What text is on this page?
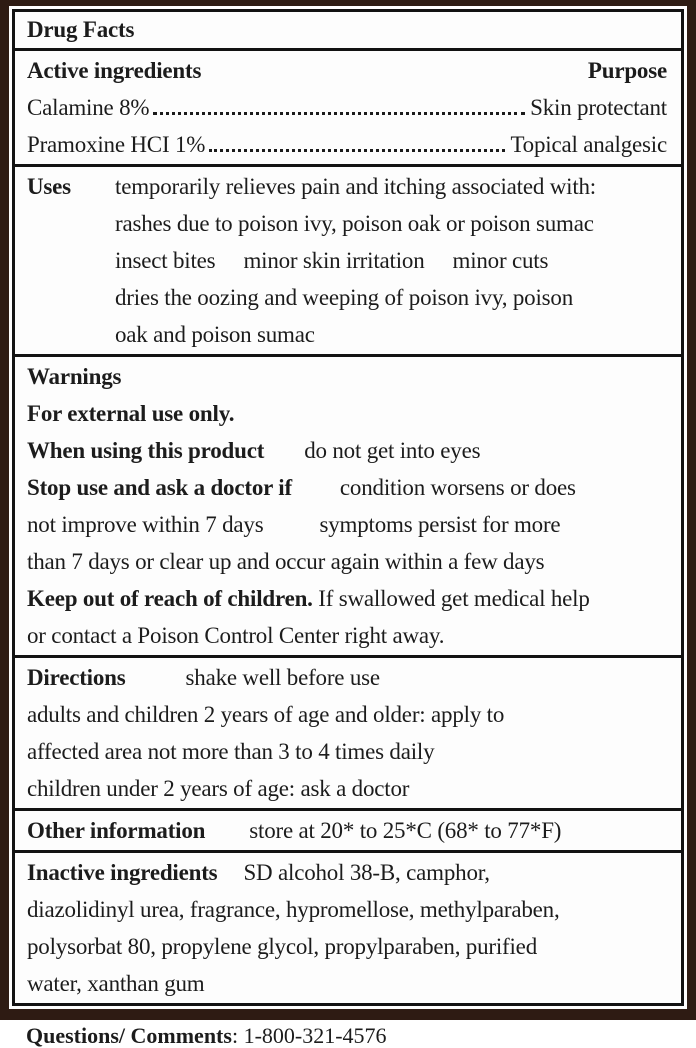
Drug Facts
Active ingredients	Purpose
Calamine 8%	Skin protectant
Pramoxine HCI 1%	Topical analgesic
Uses	temporarily relieves pain and itching associated with:
rashes due to poison ivy, poison oak or poison sumac
insect bites minor skin irritation minor cuts
dries the oozing and weeping of poison ivy, poison
oak and poison sumac
Warnings
For external use only.
When using this product do not get into eyes
Stop use and ask a doctor if condition worsens or does
not improve within 7 days symptoms persist for more
than 7 days or clear up and occur again within a few days
Keep out of reach of children. If swallowed get medical help
or contact a Poison Control Center right away.
Directions	shake well before use
adults and children 2 years of age and older: apply to
affected area not more than 3 to 4 times daily
children under 2 years of age: ask a doctor
Other information store at 20* to 25*C (68* to 77*F)
Inactive ingredients SD alcohol 38-B, camphor,
diazolidinyl urea, fragrance, hypromellose, methylparaben,
polysorbat 80, propylene glycol, propylparaben, purified
water, xanthan gum
Questions/ Comments: 1-800-321-4576
